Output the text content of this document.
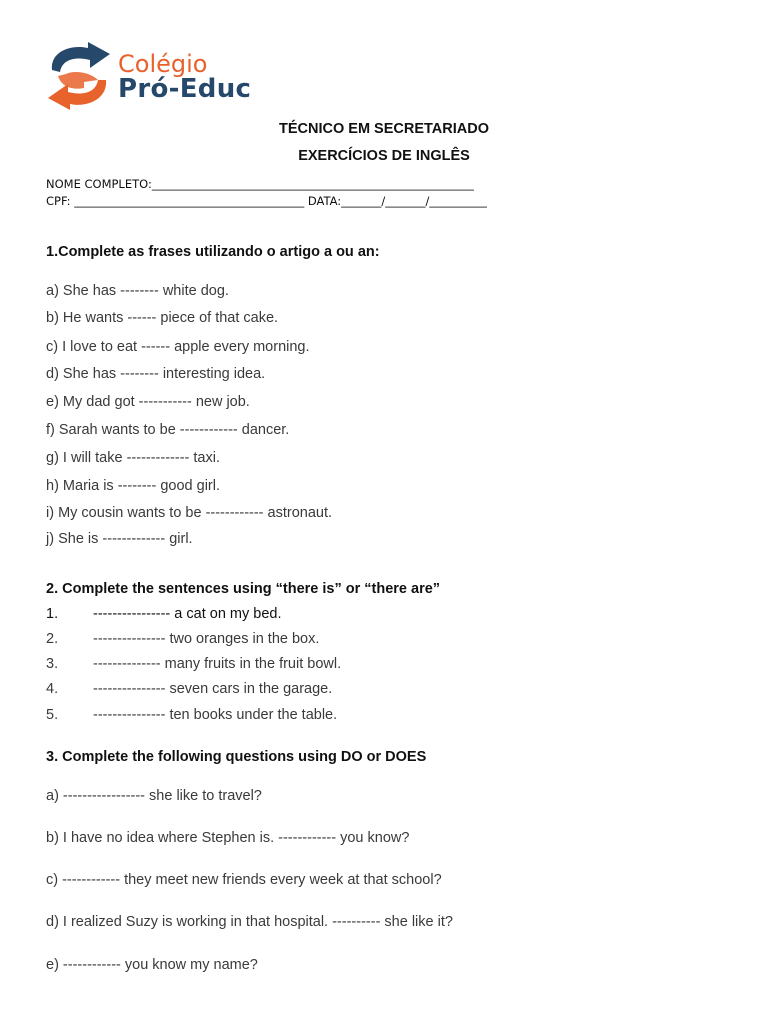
Colégio
Pró-Educ
TÉCNICO EM SECRETARIADO
EXERCÍCIOS DE INGLÊS
NOME COMPLETO:________________________________________________________
CPF: ________________________________________ DATA:_______/_______/__________
1.Complete as frases utilizando o artigo a ou an:
a) She has -------- white dog.
b) He wants ------ piece of that cake.
c) I love to eat ------ apple every morning.
d) She has -------- interesting idea.
e) My dad got ----------- new job.
f) Sarah wants to be ------------ dancer.
g) I will take ------------- taxi.
h) Maria is -------- good girl.
i) My cousin wants to be ------------ astronaut.
j) She is ------------- girl.
2. Complete the sentences using “there is” or “there are”
1. ---------------- a cat on my bed.
2. --------------- two oranges in the box.
3. -------------- many fruits in the fruit bowl.
4. --------------- seven cars in the garage.
5. --------------- ten books under the table.
3. Complete the following questions using DO or DOES
a) ----------------- she like to travel?
b) I have no idea where Stephen is. ------------ you know?
c) ------------ they meet new friends every week at that school?
d) I realized Suzy is working in that hospital. ---------- she like it?
e) ------------ you know my name?
